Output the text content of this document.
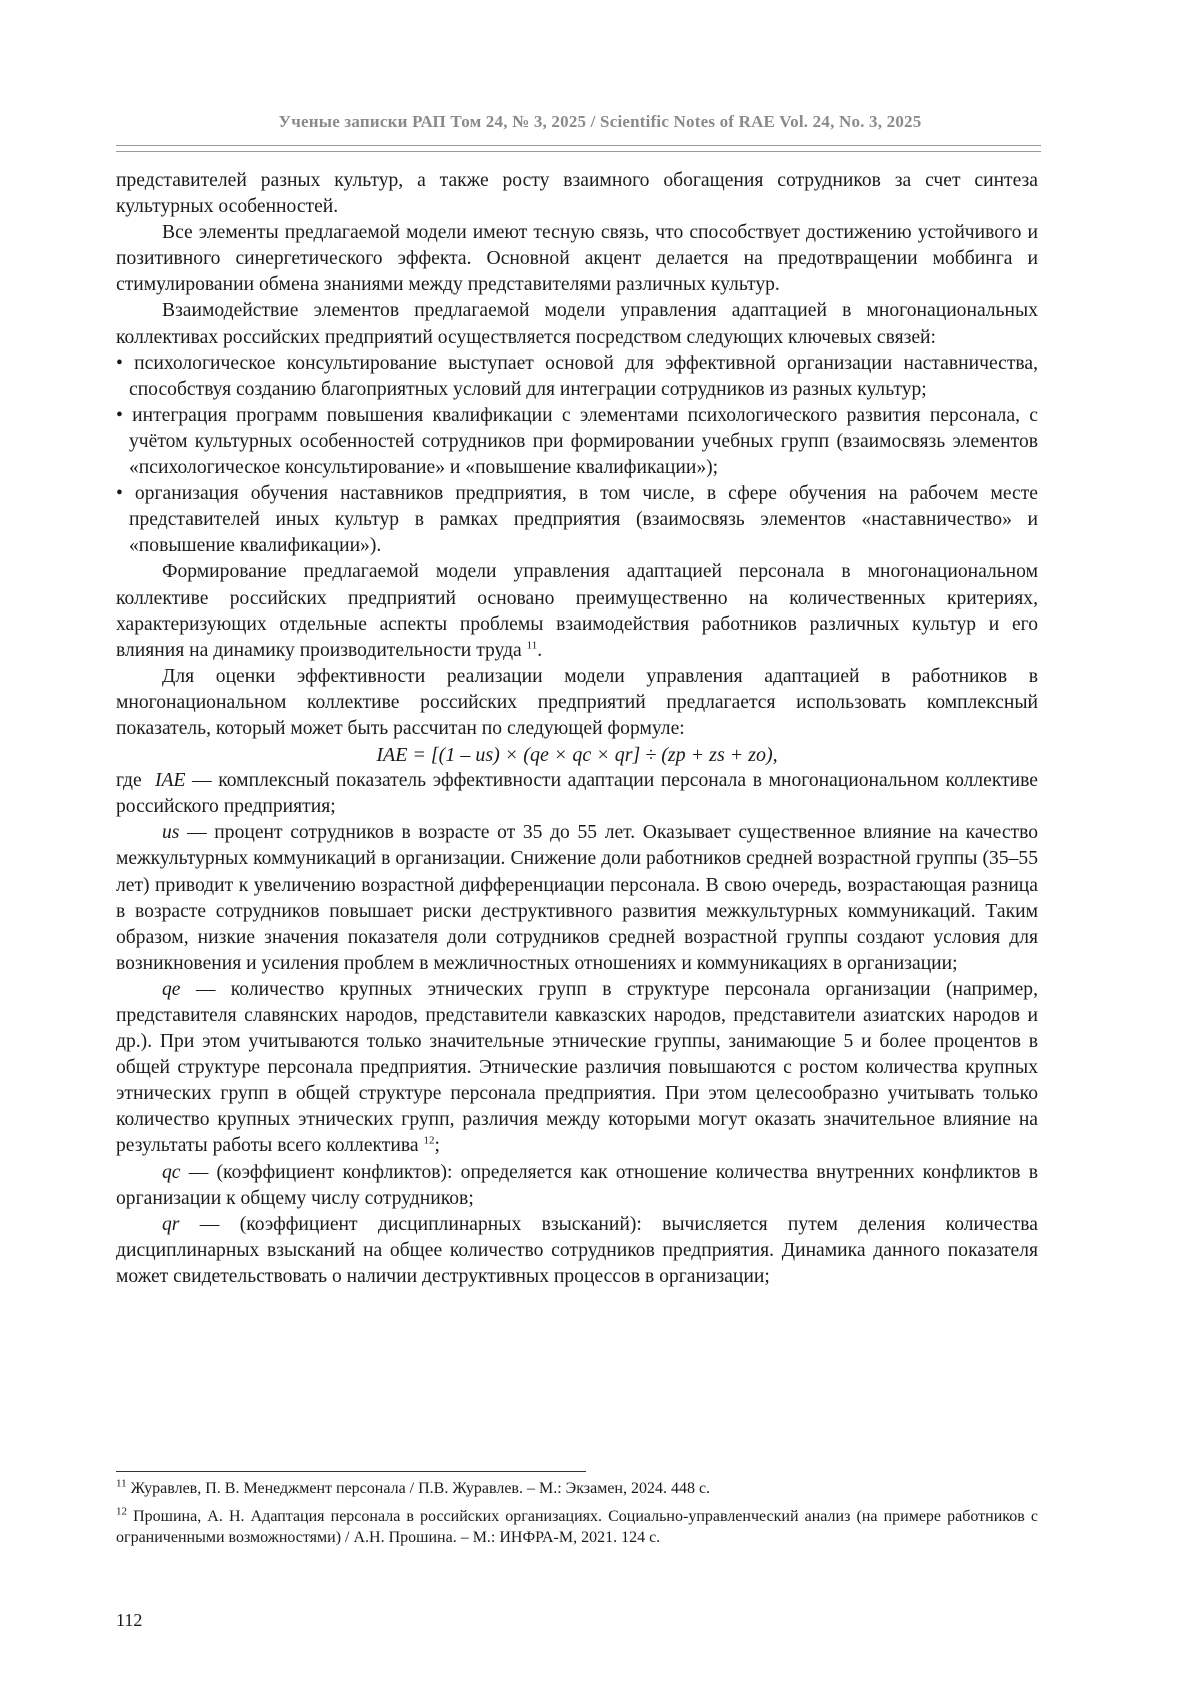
Ученые записки РАП Том 24, № 3, 2025 / Scientific Notes of RAE Vol. 24, No. 3, 2025

представителей разных культур, а также росту взаимного обогащения сотрудников за счет синтеза культурных особенностей.

Все элементы предлагаемой модели имеют тесную связь, что способствует достижению устойчивого и позитивного синергетического эффекта. Основной акцент делается на предотвращении моббинга и стимулировании обмена знаниями между представителями различных культур.

Взаимодействие элементов предлагаемой модели управления адаптацией в многонациональных коллективах российских предприятий осуществляется посредством следующих ключевых связей:

• психологическое консультирование выступает основой для эффективной организации наставничества, способствуя созданию благоприятных условий для интеграции сотрудников из разных культур;

• интеграция программ повышения квалификации с элементами психологического развития персонала, с учётом культурных особенностей сотрудников при формировании учебных групп (взаимосвязь элементов «психологическое консультирование» и «повышение квалификации»);

• организация обучения наставников предприятия, в том числе, в сфере обучения на рабочем месте представителей иных культур в рамках предприятия (взаимосвязь элементов «наставничество» и «повышение квалификации»).

Формирование предлагаемой модели управления адаптацией персонала в многонациональном коллективе российских предприятий основано преимущественно на количественных критериях, характеризующих отдельные аспекты проблемы взаимодействия работников различных культур и его влияния на динамику производительности труда $^{11}$.

Для оценки эффективности реализации модели управления адаптацией в работников в многонациональном коллективе российских предприятий предлагается использовать комплексный показатель, который может быть рассчитан по следующей формуле:

IAE = [(1 – us) × (qe × qc × qr] ÷ (zp + zs + zo),

где IAE — комплексный показатель эффективности адаптации персонала в многонациональном коллективе российского предприятия;

us — процент сотрудников в возрасте от 35 до 55 лет. Оказывает существенное влияние на качество межкультурных коммуникаций в организации. Снижение доли работников средней возрастной группы (35–55 лет) приводит к увеличению возрастной дифференциации персонала. В свою очередь, возрастающая разница в возрасте сотрудников повышает риски деструктивного развития межкультурных коммуникаций. Таким образом, низкие значения показателя доли сотрудников средней возрастной группы создают условия для возникновения и усиления проблем в межличностных отношениях и коммуникациях в организации;

qe — количество крупных этнических групп в структуре персонала организации (например, представителя славянских народов, представители кавказских народов, представители азиатских народов и др.). При этом учитываются только значительные этнические группы, занимающие 5 и более процентов в общей структуре персонала предприятия. Этнические различия повышаются с ростом количества крупных этнических групп в общей структуре персонала предприятия. При этом целесообразно учитывать только количество крупных этнических групп, различия между которыми могут оказать значительное влияние на результаты работы всего коллектива $^{12}$;

qc — (коэффициент конфликтов): определяется как отношение количества внутренних конфликтов в организации к общему числу сотрудников;

qr — (коэффициент дисциплинарных взысканий): вычисляется путем деления количества дисциплинарных взысканий на общее количество сотрудников предприятия. Динамика данного показателя может свидетельствовать о наличии деструктивных процессов в организации;

$^{11}$ Журавлев, П. В. Менеджмент персонала / П.В. Журавлев. – М.: Экзамен, 2024. 448 с.

$^{12}$ Прошина, А. Н. Адаптация персонала в российских организациях. Социально-управленческий анализ (на примере работников с ограниченными возможностями) / А.Н. Прошина. – М.: ИНФРА-М, 2021. 124 с.

112
